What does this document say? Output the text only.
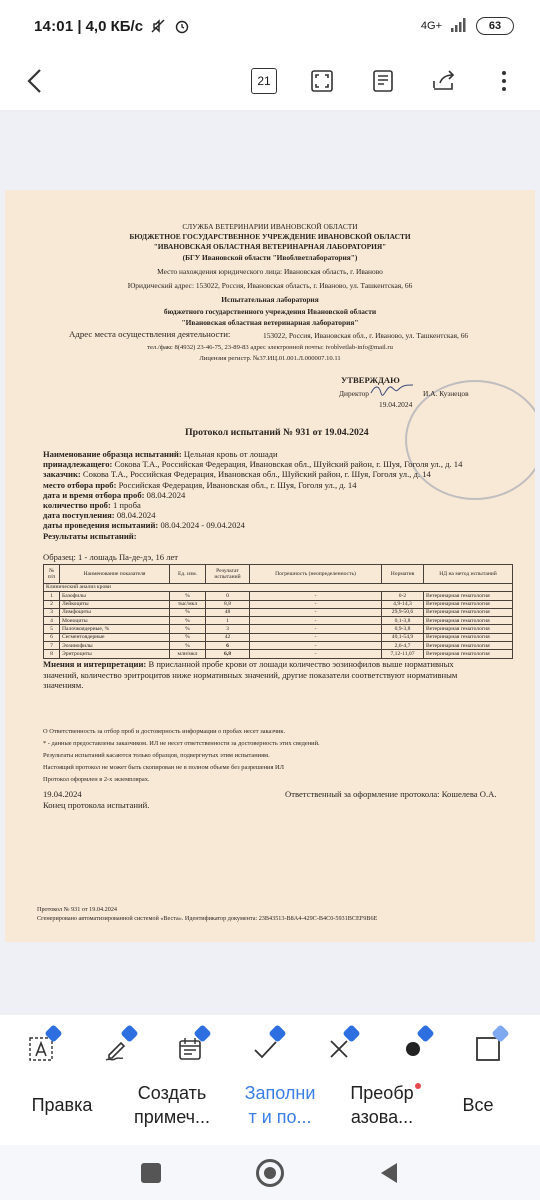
14:01 | 4,0 КБ/с	4G+	63
21
СЛУЖБА ВЕТЕРИНАРИИ ИВАНОВСКОЙ ОБЛАСТИ
БЮДЖЕТНОЕ ГОСУДАРСТВЕННОЕ УЧРЕЖДЕНИЕ ИВАНОВСКОЙ ОБЛАСТИ
"ИВАНОВСКАЯ ОБЛАСТНАЯ ВЕТЕРИНАРНАЯ ЛАБОРАТОРИЯ"
(БГУ Ивановской области "Ивоблветлаборатория")
Место нахождения юридического лица: Ивановская область, г. Иваново
Юридический адрес: 153022, Россия, Ивановская область, г. Иваново, ул. Ташкентская, 66
Испытательная лаборатория
бюджетного государственного учреждения Ивановской области
"Ивановская областная ветеринарная лаборатория"
Адрес места осуществления деятельности:	153022, Россия, Ивановская обл., г. Иваново, ул. Ташкентская, 66
тел./факс 8(4932) 23-46-75, 23-89-83 адрес электронной почты: ivoblvetlab-info@mail.ru
Лицензия регистр. №37.ИЦ.01.001.Л.000007.10.11
УТВЕРЖДАЮ
Директор	И.А. Кузнецов
19.04.2024
Протокол испытаний № 931 от 19.04.2024
Наименование образца испытаний: Цельная кровь от лошади
принадлежащего: Сокова Т.А., Российская Федерация, Ивановская обл., Шуйский район, г. Шуя, Гоголя ул., д. 14
заказчик: Сокова Т.А., Российская Федерация, Ивановская обл., Шуйский район, г. Шуя, Гоголя ул., д. 14
место отбора проб: Российская Федерация, Ивановская обл., г. Шуя, Гоголя ул., д. 14
дата и время отбора проб: 08.04.2024
количество проб: 1 проба
дата поступления: 08.04.2024
даты проведения испытаний: 08.04.2024 - 09.04.2024
Результаты испытаний:
Образец: 1 - лошадь Па-де-дэ, 16 лет
№ п/п	Наименование показателя	Ед. изм.	Результат испытаний	Погрешность (неопределенность)	Норматив	НД на метод испытаний
Клинический анализ крови						
1	Базофилы	%	0	-	0-2	Ветеринарная гематология
2	Лейкоциты	тыс/мкл	8,8	-	4,9-14,3	Ветеринарная гематология
3	Лимфоциты	%	48	-	29,9-50,6	Ветеринарная гематология
4	Моноциты	%	1	-	0,1-3,8	Ветеринарная гематология
5	Палочкоядерные, %	%	3	-	0,9-3,8	Ветеринарная гематология
6	Сегментоядерные	%	42	-	40,1-54,9	Ветеринарная гематология
7	Эозинофилы	%	6	-	2,6-4,7	Ветеринарная гематология
8	Эритроциты	млн/мкл	6,8	-	7,12-11,07	Ветеринарная гематология
Мнения и интерпретации: В присланной пробе крови от лошади количество эозинофилов выше нормативных
значений, количество эритроцитов ниже нормативных значений, другие показатели соответствуют нормативным
значениям.
О Ответственность за отбор проб и достоверность информации о пробах несет заказчик.
* - данные предоставлены заказчиком. ИЛ не несет ответственности за достоверность этих сведений.
Результаты испытаний касаются только образцов, подвергнутых этим испытаниям.
Настоящий протокол не может быть скопирован не в полном объеме без разрешения ИЛ
Протокол оформлен в 2-х экземплярах.
19.04.2024	Ответственный за оформление протокола: Кошелева О.А.
Конец протокола испытаний.
Протокол № 931 от 19.04.2024
Сгенерировано автоматизированной системой «Веста». Идентификатор документа: 23B43513-B8A4-429C-B4C0-5931BCEF9B6E
Правка
Создать
примеч...
Заполни
т и по...
Преобр
азова...
Все
